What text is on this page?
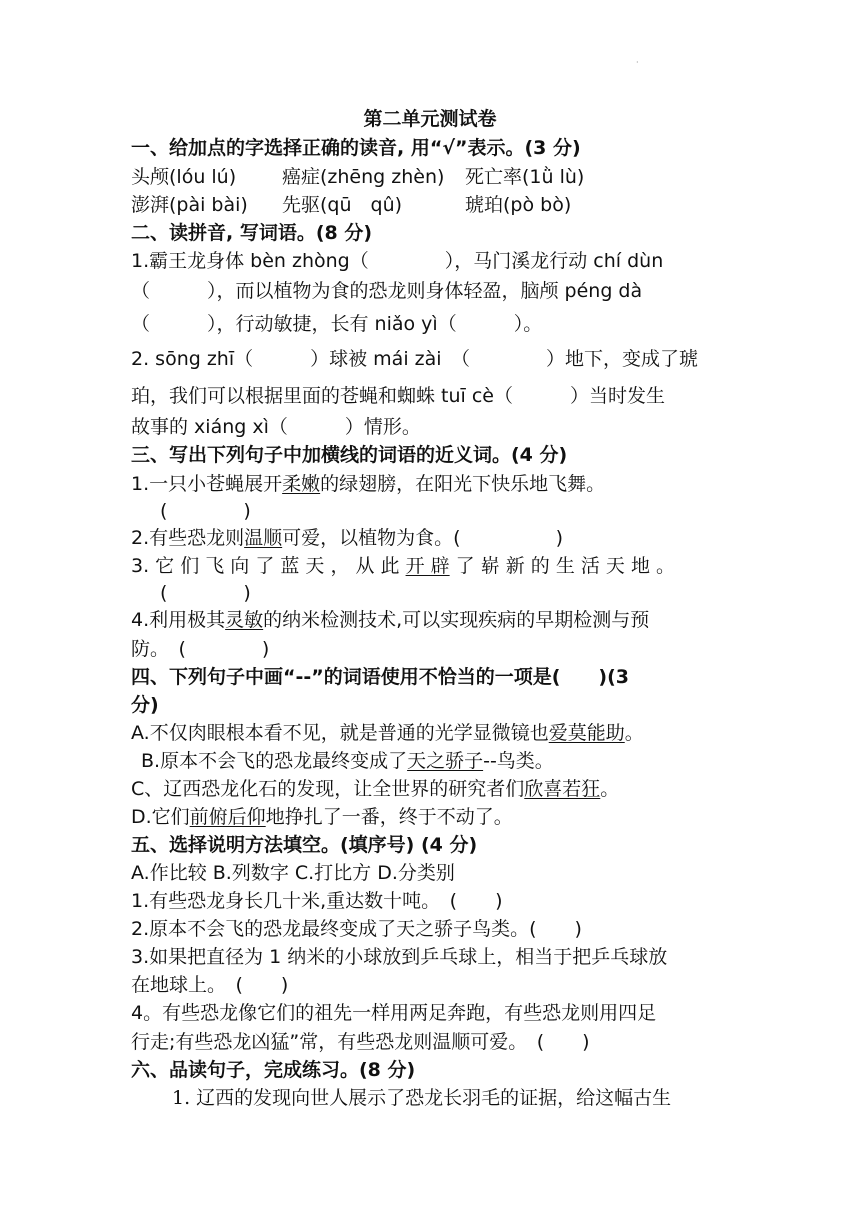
·
第二单元测试卷
一、给加点的字选择正确的读音, 用“√”表示。(3 分)
头颅(lóu lú) 癌症(zhēng zhèn) 死亡率(1ǜ lù)
澎湃(pài bài) 先驱(qū　qû)	琥珀(pò bò)
二、读拼音, 写词语。(8 分)
1.霸王龙身体 bèn zhòng（　　　　），马门溪龙行动 chí dùn
（　　　），而以植物为食的恐龙则身体轻盈，脑颅 péng dà
（　　　），行动敏捷，长有 niǎo yì（　　　）。
2. sōng zhī（　　　）球被 mái zài　（　　　　）地下，变成了琥
珀，我们可以根据里面的苍蝇和蜘蛛 tuī cè（　　　）当时发生
故事的 xiáng xì（　　　）情形。
三、写出下列句子中加横线的词语的近义词。(4 分)
1.一只小苍蝇展开柔嫩的绿翅膀，在阳光下快乐地飞舞。
(　　　　)
2.有些恐龙则温顺可爱，以植物为食。(　　　　　)
3. 它 们 飞 向 了 蓝 天 ， 从 此 开 辟 了 崭 新 的 生 活 天 地 。
(　　　　)
4.利用极其灵敏的纳米检测技术,可以实现疾病的早期检测与预
防。　(　　　　)
四、下列句子中画“--”的词语使用不恰当的一项是(　　)(3
分)
A.不仅肉眼根本看不见，就是普通的光学显微镜也爱莫能助。
B.原本不会飞的恐龙最终变成了天之骄子--鸟类。
C、辽西恐龙化石的发现，让全世界的研究者们欣喜若狂。
D.它们前俯后仰地挣扎了一番，终于不动了。
五、选择说明方法填空。(填序号) (4 分)
A.作比较 B.列数字 C.打比方 D.分类别
1.有些恐龙身长几十米,重达数十吨。　(　　)
2.原本不会飞的恐龙最终变成了天之骄子鸟类。(　　)
3.如果把直径为 1 纳米的小球放到乒乓球上，相当于把乒乓球放
在地球上。　(　　)
4。有些恐龙像它们的祖先一样用两足奔跑，有些恐龙则用四足
行走;有些恐龙凶猛”常，有些恐龙则温顺可爱。　(　　)
六、品读句子，完成练习。(8 分)
1. 辽西的发现向世人展示了恐龙长羽毛的证据，给这幅古生
